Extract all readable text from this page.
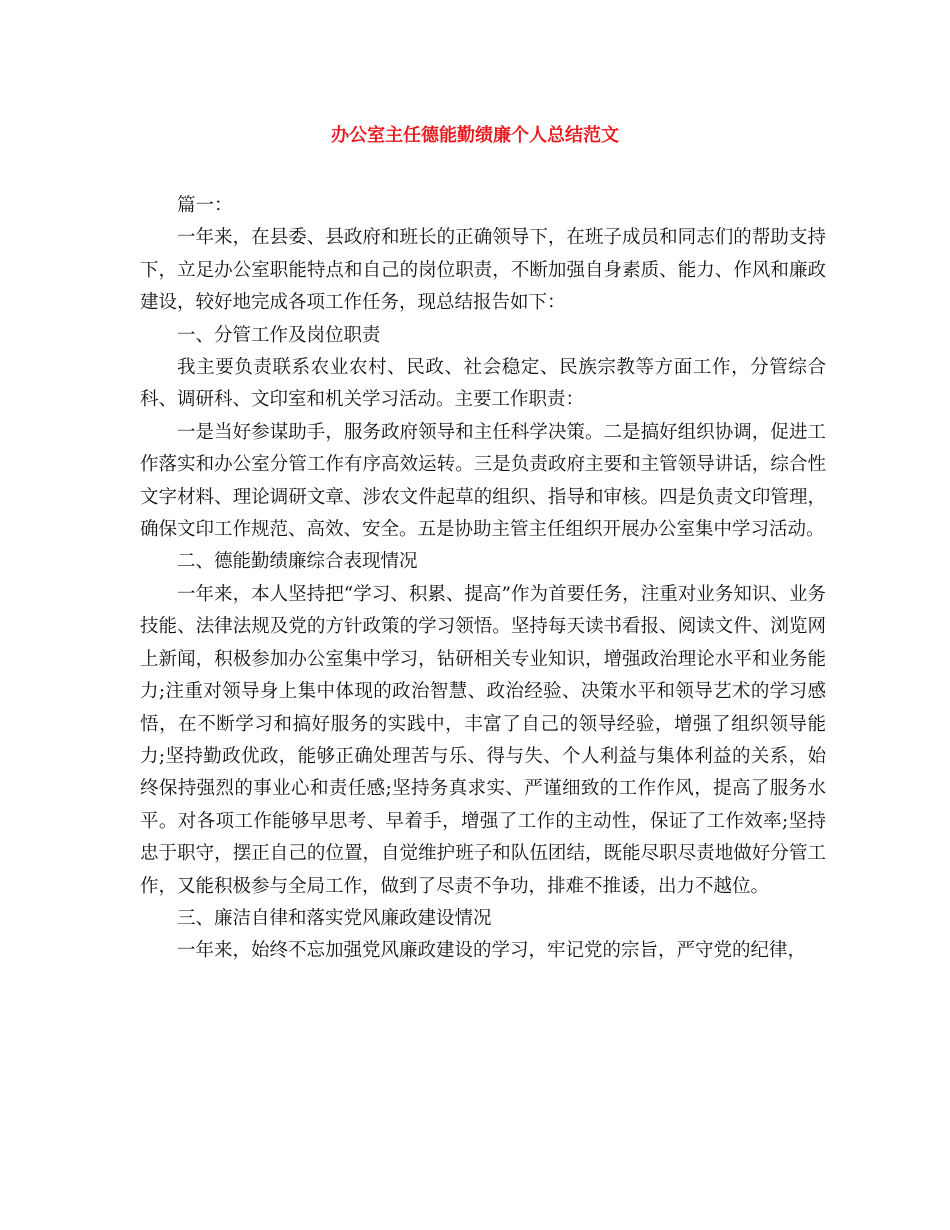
办公室主任德能勤绩廉个人总结范文

篇一：

一年来，在县委、县政府和班长的正确领导下，在班子成员和同志们的帮助支持下，立足办公室职能特点和自己的岗位职责，不断加强自身素质、能力、作风和廉政建设，较好地完成各项工作任务，现总结报告如下：

一、分管工作及岗位职责

我主要负责联系农业农村、民政、社会稳定、民族宗教等方面工作，分管综合科、调研科、文印室和机关学习活动。主要工作职责：

一是当好参谋助手，服务政府领导和主任科学决策。二是搞好组织协调，促进工作落实和办公室分管工作有序高效运转。三是负责政府主要和主管领导讲话，综合性文字材料、理论调研文章、涉农文件起草的组织、指导和审核。四是负责文印管理，确保文印工作规范、高效、安全。五是协助主管主任组织开展办公室集中学习活动。

二、德能勤绩廉综合表现情况

一年来，本人坚持把“学习、积累、提高”作为首要任务，注重对业务知识、业务技能、法律法规及党的方针政策的学习领悟。坚持每天读书看报、阅读文件、浏览网上新闻，积极参加办公室集中学习，钻研相关专业知识，增强政治理论水平和业务能力;注重对领导身上集中体现的政治智慧、政治经验、决策水平和领导艺术的学习感悟，在不断学习和搞好服务的实践中，丰富了自己的领导经验，增强了组织领导能力;坚持勤政优政，能够正确处理苦与乐、得与失、个人利益与集体利益的关系，始终保持强烈的事业心和责任感;坚持务真求实、严谨细致的工作作风，提高了服务水平。对各项工作能够早思考、早着手，增强了工作的主动性，保证了工作效率;坚持忠于职守，摆正自己的位置，自觉维护班子和队伍团结，既能尽职尽责地做好分管工作，又能积极参与全局工作，做到了尽责不争功，排难不推诿，出力不越位。

三、廉洁自律和落实党风廉政建设情况

一年来，始终不忘加强党风廉政建设的学习，牢记党的宗旨，严守党的纪律，
